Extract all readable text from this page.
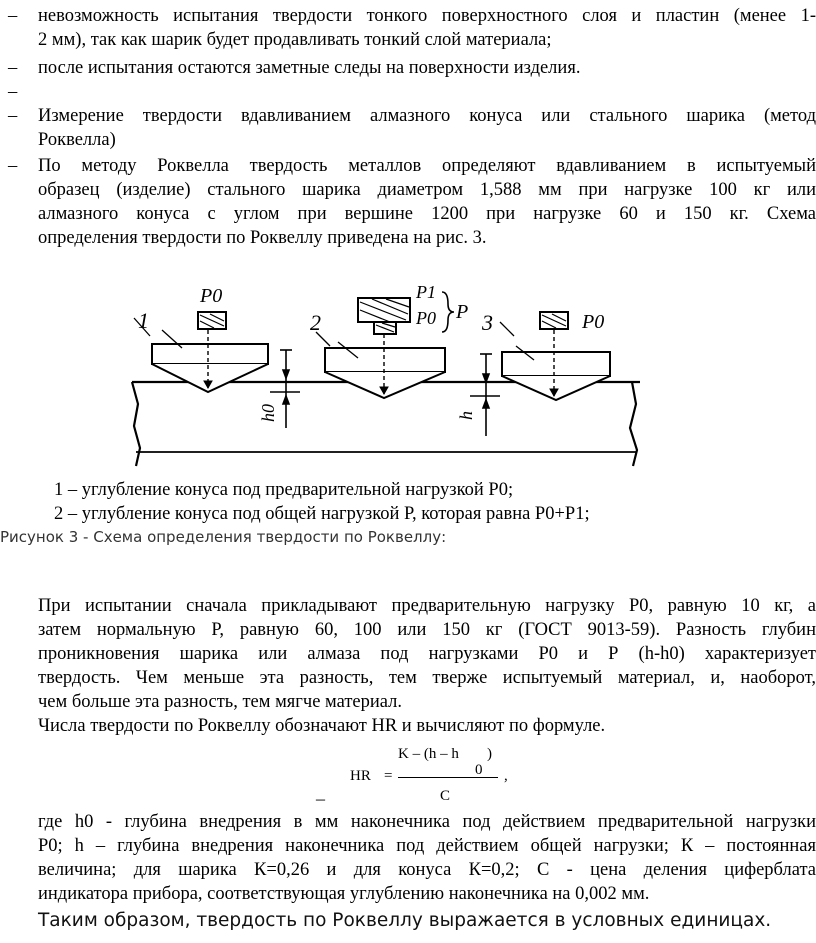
– невозможность испытания твердости тонкого поверхностного слоя и пластин (менее 1-
2 мм), так как шарик будет продавливать тонкий слой материала;
– после испытания остаются заметные следы на поверхности изделия.
–
– Измерение твердости вдавливанием алмазного конуса или стального шарика (метод
Роквелла)
– По методу Роквелла твердость металлов определяют вдавливанием в испытуемый
образец (изделие) стального шарика диаметром 1,588 мм при нагрузке 100 кг или
алмазного конуса с углом при вершине 1200 при нагрузке 60 и 150 кг. Схема
определения твердости по Роквеллу приведена на рис. 3.
1
P0
h0
2
P1
P0 P
h
3	P0
1 – углубление конуса под предварительной нагрузкой Р0;
2 – углубление конуса под общей нагрузкой Р, которая равна Р0+Р1;
Рисунок 3 - Схема определения твердости по Роквеллу:
При испытании сначала прикладывают предварительную нагрузку Р0, равную 10 кг, а
затем нормальную Р, равную 60, 100 или 150 кг (ГОСТ 9013-59). Разность глубин
проникновения шарика или алмаза под нагрузками Р0 и Р (h-h0) характеризует
твердость. Чем меньше эта разность, тем тверже испытуемый материал, и, наоборот,
чем больше эта разность, тем мягче материал.
Числа твердости по Роквеллу обозначают HR и вычисляют по формуле.
HR =
K – (h – h )
0 ,
C
_
где h0 - глубина внедрения в мм наконечника под действием предварительной нагрузки
Р0; h – глубина внедрения наконечника под действием общей нагрузки; К – постоянная
величина; для шарика К=0,26 и для конуса К=0,2; С - цена деления циферблата
индикатора прибора, соответствующая углублению наконечника на 0,002 мм.
Таким образом, твердость по Роквеллу выражается в условных единицах.
